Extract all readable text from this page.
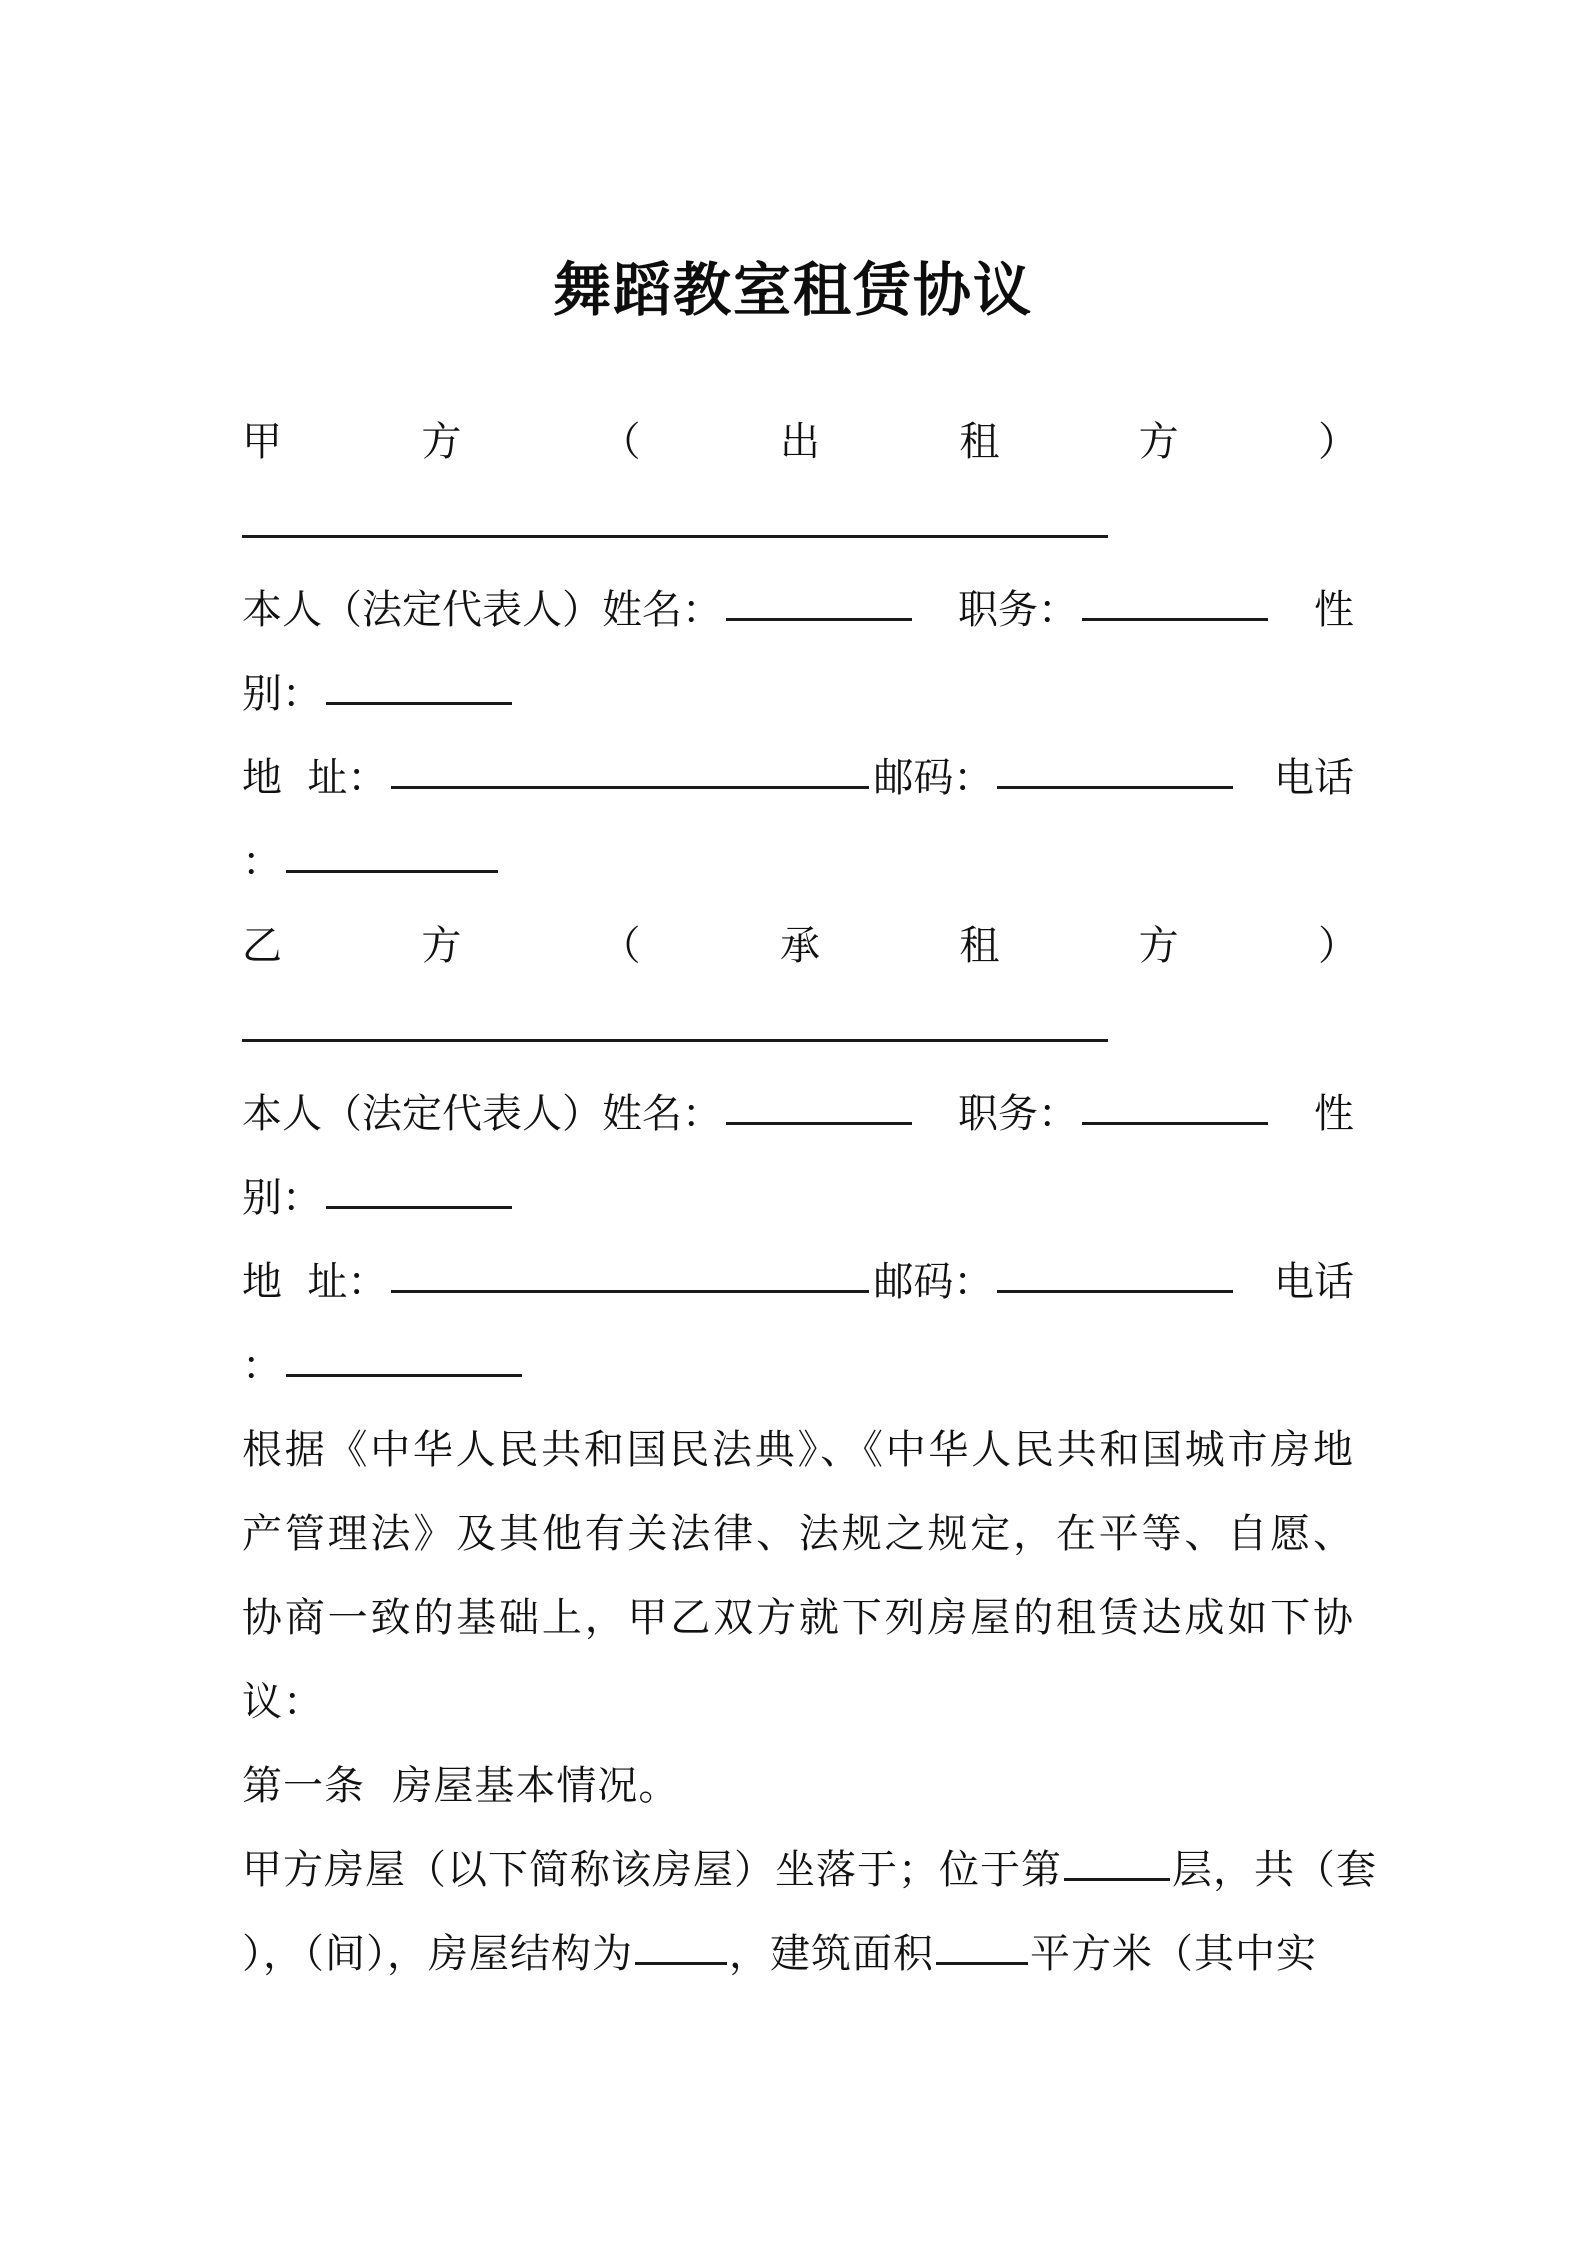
舞蹈教室租赁协议
甲	方	（	出	租	方	）
本人（法定代表人）姓名：	职务：	性
别：
地  址：	邮码：	电话
：
乙	方	（	承	租	方	）
本人（法定代表人）姓名：	职务：	性
别：
地  址：	邮码：	电话
：
根据《中华人民共和国民法典》、《中华人民共和国城市房地
产管理法》及其他有关法律、法规之规定，在平等、自愿、
协商一致的基础上，甲乙双方就下列房屋的租赁达成如下协
议：
第一条  房屋基本情况。
甲方房屋（以下简称该房屋）坐落于；位于第	层，共（套
），（间），房屋结构为 ，建筑面积 平方米（其中实
